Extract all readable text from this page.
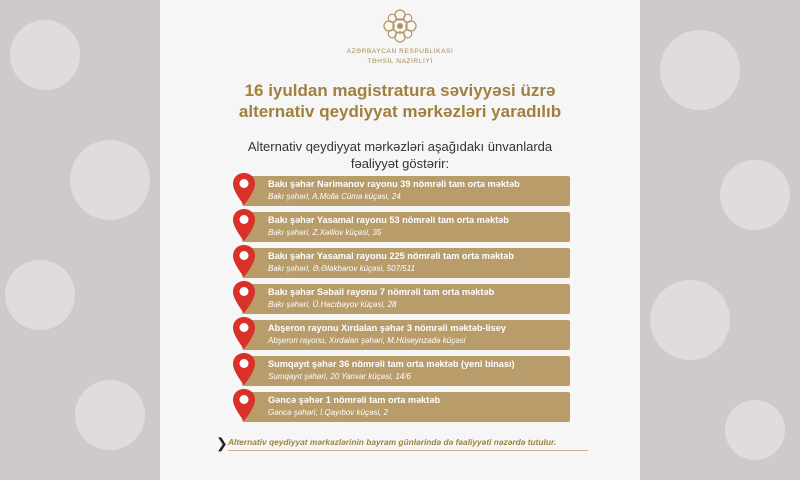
AZƏRBAYCAN RESPUBLİKASI
TƏHSİL NAZİRLİYİ
16 iyuldan magistratura səviyyəsi üzrə
alternativ qeydiyyat mərkəzləri yaradılıb
Alternativ qeydiyyat mərkəzləri aşağıdakı ünvanlarda
fəaliyyət göstərir:
Bakı şəhər Nərimanov rayonu 39 nömrəli tam orta məktəb
Bakı şəhəri, A.Molla Cümə küçəsi, 24
Bakı şəhər Yasamal rayonu 53 nömrəli tam orta məktəb
Bakı şəhəri, Z.Xəlilov küçəsi, 35
Bakı şəhər Yasamal rayonu 225 nömrəli tam orta məktəb
Bakı şəhəri, Ə.Ələkbərov küçəsi, 507/511
Bakı şəhər Səbail rayonu 7 nömrəli tam orta məktəb
Bakı şəhəri, Ü.Hacıbəyov küçəsi, 28
Abşeron rayonu Xırdalan şəhər 3 nömrəli məktəb-lisey
Abşeron rayonu, Xırdalan şəhəri, M.Hüseynzadə küçəsi
Sumqayıt şəhər 36 nömrəli tam orta məktəb (yeni binası)
Sumqayıt şəhəri, 20 Yanvar küçəsi, 14/6
Gəncə şəhər 1 nömrəli tam orta məktəb
Gəncə şəhəri, İ.Qayıbov küçəsi, 2
❯ Alternativ qeydiyyat mərkəzlərinin bayram günlərində də fəaliyyəti nəzərdə tutulur.
